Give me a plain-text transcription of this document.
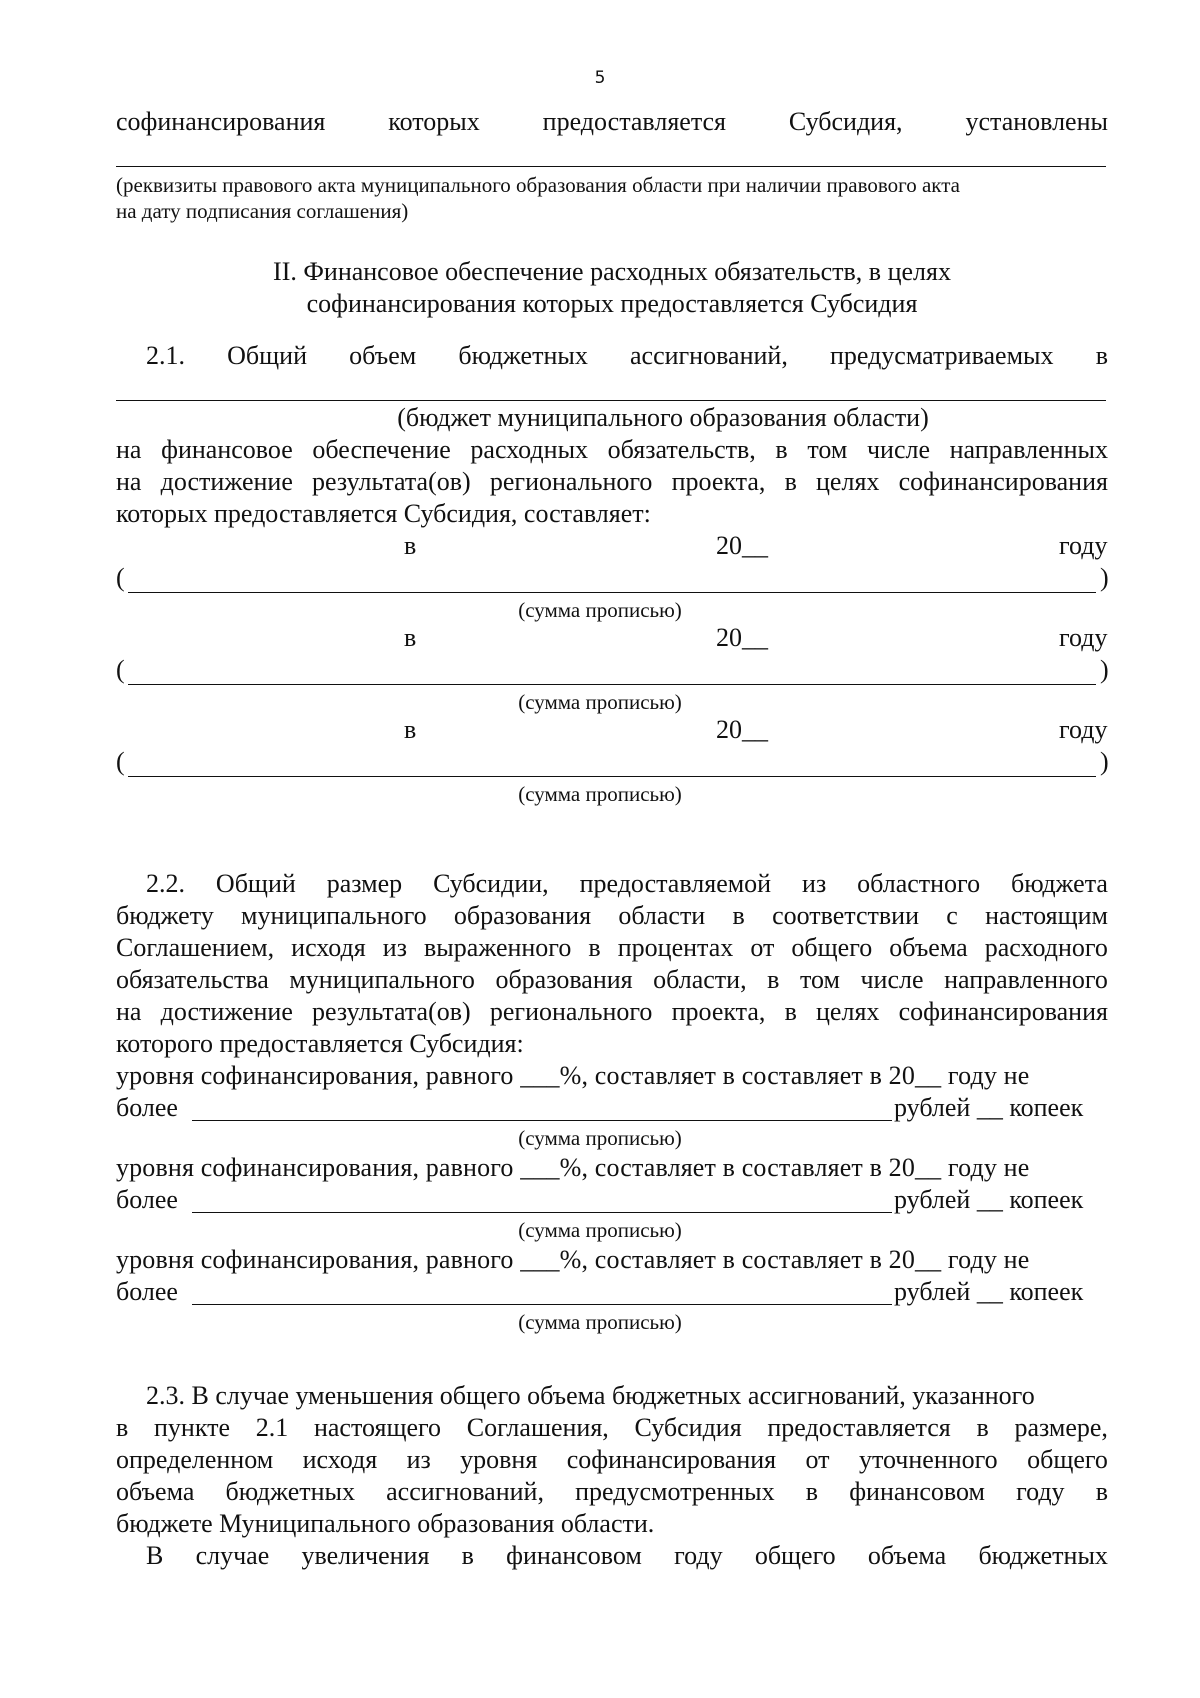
5
софинансирования которых предоставляется Субсидия, установлены
(реквизиты правового акта муниципального образования области при наличии правового акта
на дату подписания соглашения)
II. Финансовое обеспечение расходных обязательств, в целях
софинансирования которых предоставляется Субсидия
2.1. Общий объем бюджетных ассигнований, предусматриваемых в
(бюджет муниципального образования области)
на финансовое обеспечение расходных обязательств, в том числе направленных
на достижение результата(ов) регионального проекта, в целях софинансирования
которых предоставляется Субсидия, составляет:
в	20__	году
(	)
(сумма прописью)
в	20__	году
(	)
(сумма прописью)
в	20__	году
(	)
(сумма прописью)
2.2. Общий размер Субсидии, предоставляемой из областного бюджета
бюджету муниципального образования области в соответствии с настоящим
Соглашением, исходя из выраженного в процентах от общего объема расходного
обязательства муниципального образования области, в том числе направленного
на достижение результата(ов) регионального проекта, в целях софинансирования
которого предоставляется Субсидия:
уровня софинансирования, равного ___%, составляет в составляет в 20__ году не
более	рублей __ копеек
(сумма прописью)
уровня софинансирования, равного ___%, составляет в составляет в 20__ году не
более	рублей __ копеек
(сумма прописью)
уровня софинансирования, равного ___%, составляет в составляет в 20__ году не
более	рублей __ копеек
(сумма прописью)
2.3. В случае уменьшения общего объема бюджетных ассигнований, указанного
в пункте 2.1 настоящего Соглашения, Субсидия предоставляется в размере,
определенном исходя из уровня софинансирования от уточненного общего
объема бюджетных ассигнований, предусмотренных в финансовом году в
бюджете Муниципального образования области.
В случае увеличения в финансовом году общего объема бюджетных
